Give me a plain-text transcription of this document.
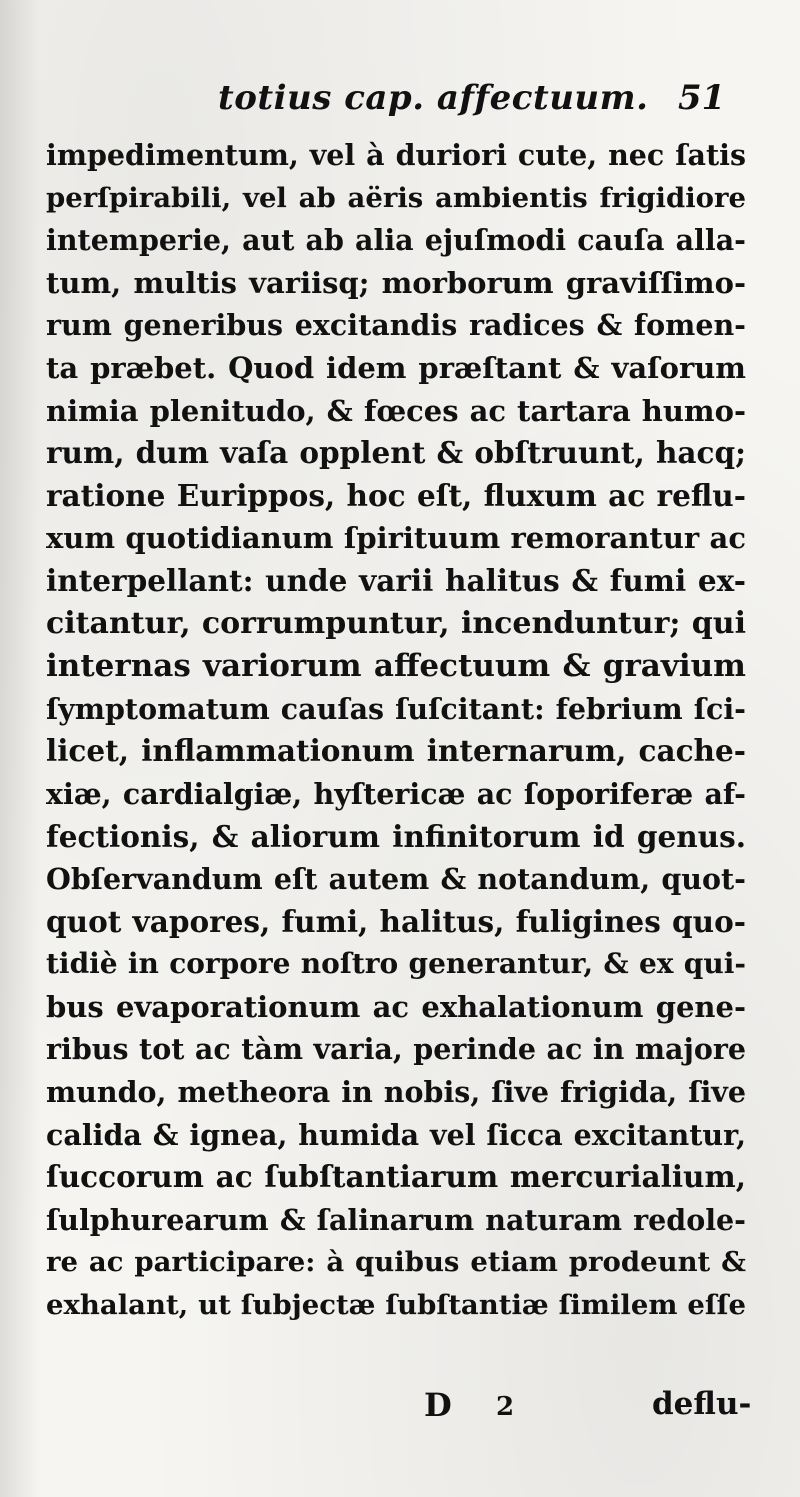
totius cap. affectuum. 51
impedimentum, vel à duriori cute, nec ſatis
perſpirabili, vel ab aëris ambientis frigidiore
intemperie, aut ab alia ejuſmodi cauſa alla-
tum, multis variisq; morborum graviſſimo-
rum generibus excitandis radices & fomen-
ta præbet. Quod idem præſtant & vaſorum
nimia plenitudo, & fœces ac tartara humo-
rum, dum vaſa opplent & obſtruunt, hacq;
ratione Eurippos, hoc eſt, fluxum ac reflu-
xum quotidianum ſpirituum remorantur ac
interpellant: unde varii halitus & fumi ex-
citantur, corrumpuntur, incenduntur; qui
internas variorum affectuum & gravium
ſymptomatum cauſas ſuſcitant: febrium ſci-
licet, inflammationum internarum, cache-
xiæ, cardialgiæ, hyſtericæ ac ſoporiferæ af-
fectionis, & aliorum infinitorum id genus.
Obſervandum eſt autem & notandum, quot-
quot vapores, fumi, halitus, fuligines quo-
tidiè in corpore noſtro generantur, & ex qui-
bus evaporationum ac exhalationum gene-
ribus tot ac tàm varia, perinde ac in majore
mundo, metheora in nobis, ſive frigida, ſive
calida & ignea, humida vel ſicca excitantur,
ſuccorum ac ſubſtantiarum mercurialium,
ſulphurearum & ſalinarum naturam redole-
re ac participare: à quibus etiam prodeunt &
exhalant, ut ſubjectæ ſubſtantiæ ſimilem eſſe
D 2	deflu-
